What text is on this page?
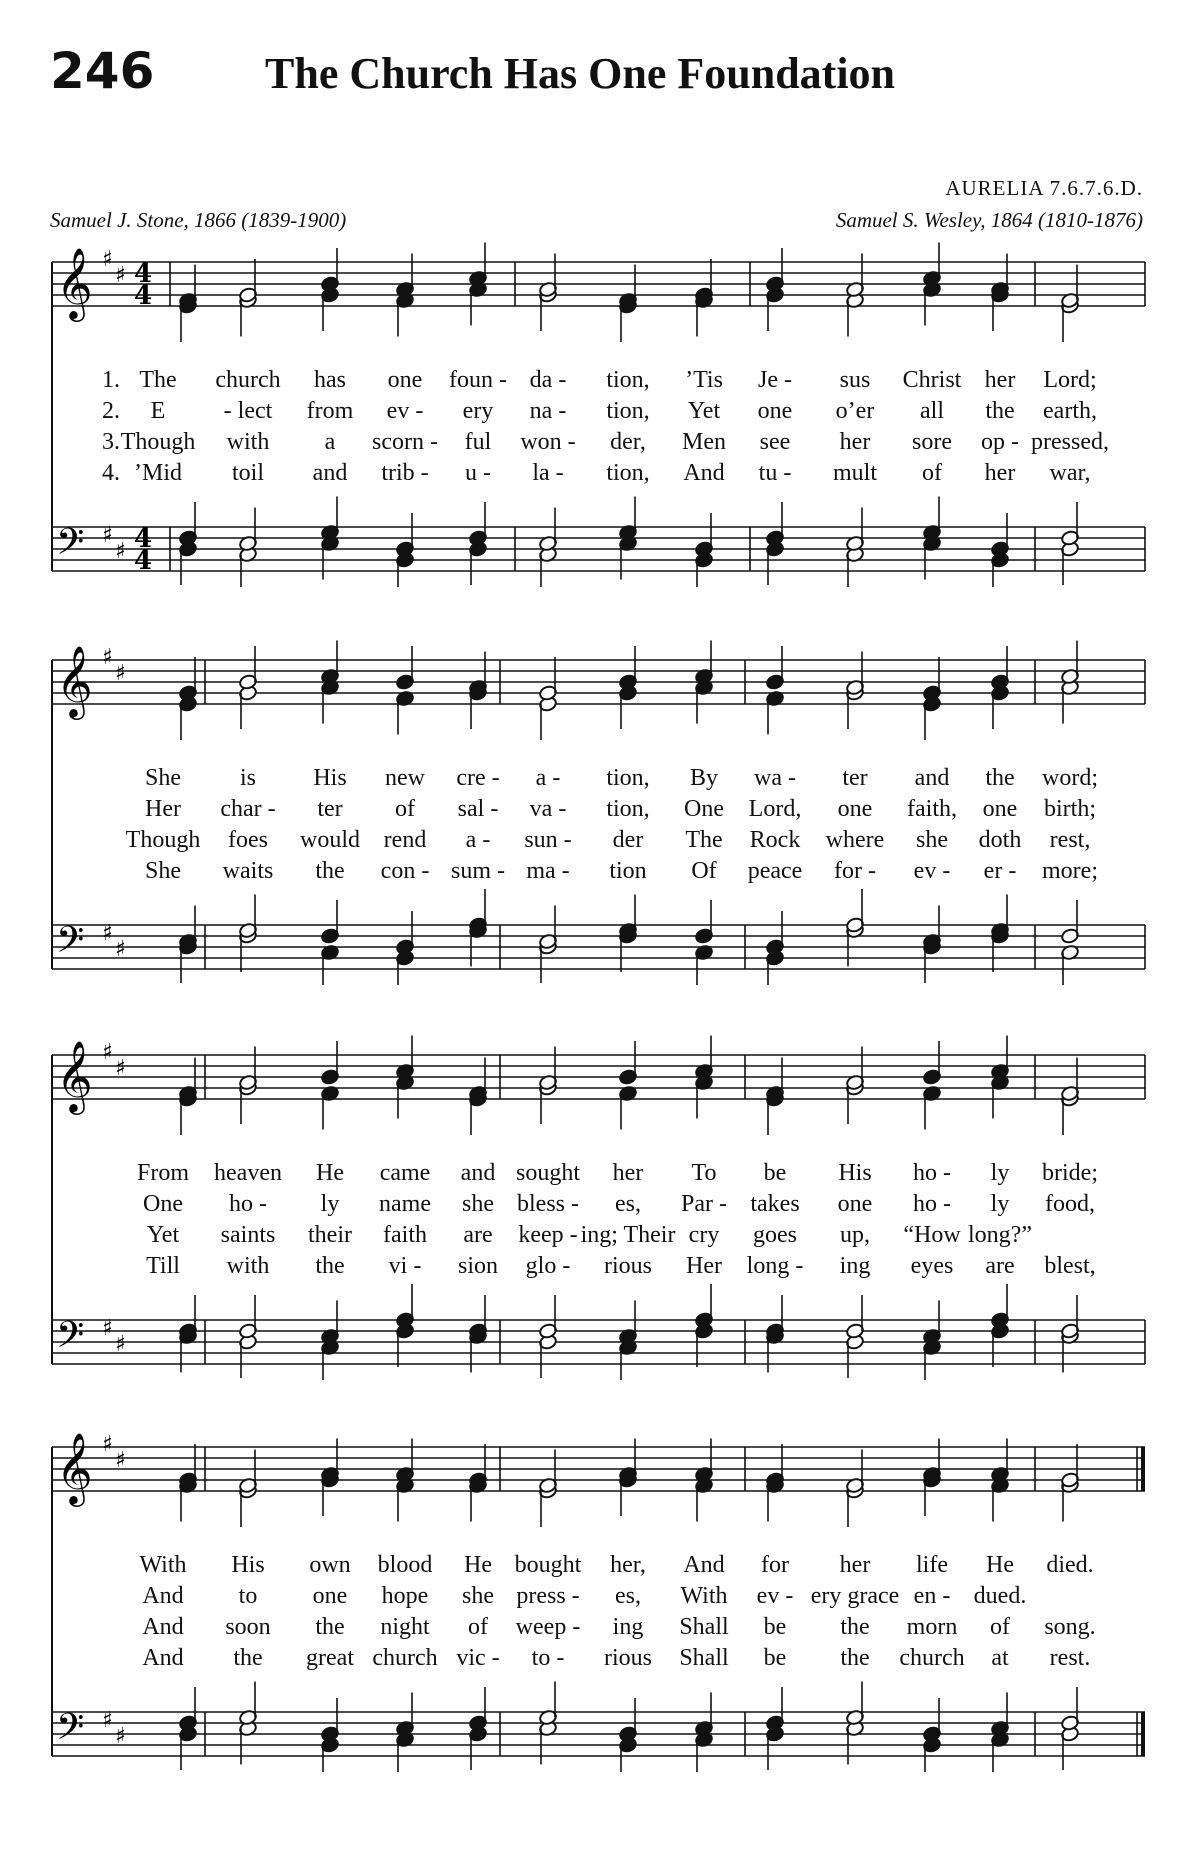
246	The Church Has One Foundation
AURELIA 7.6.7.6.D.
Samuel J. Stone, 1866 (1839-1900)	Samuel S. Wesley, 1864 (1810-1876)
𝄞 ♯
♯ 4
4
𝄢 ♯
♯ 4
4
1. The church has one foun - da - tion, ’Tis Je - sus Christ her Lord;
2. E - lect from ev - ery na - tion, Yet one o’er all the earth,
3. Though with a scorn - ful won - der, Men see her sore op - pressed,
4. ’Mid toil and trib - u - la - tion, And tu - mult of her war,
𝄞 ♯
♯
𝄢 ♯
♯
She is His new cre - a - tion, By wa - ter and the word;
Her char - ter of sal - va - tion, One Lord, one faith, one birth;
Though foes would rend a - sun - der The Rock where she doth rest,
She waits the con - sum - ma - tion Of peace for - ev - er - more;
𝄞 ♯
♯
𝄢 ♯
♯
From heaven He came and sought her To be His ho - ly bride;
One ho - ly name she bless - es, Par - takes one ho - ly food,
Yet saints their faith are keep - ing; Their cry goes up, “How long?”
Till with the vi - sion glo - rious Her long - ing eyes are blest,
𝄞 ♯
♯
𝄢 ♯
♯
With His own blood He bought her, And for her life He died.
And to one hope she press - es, With ev - ery grace en - dued.
And soon the night of weep - ing Shall be the morn of song.
And the great church vic - to - rious Shall be the church at rest.
